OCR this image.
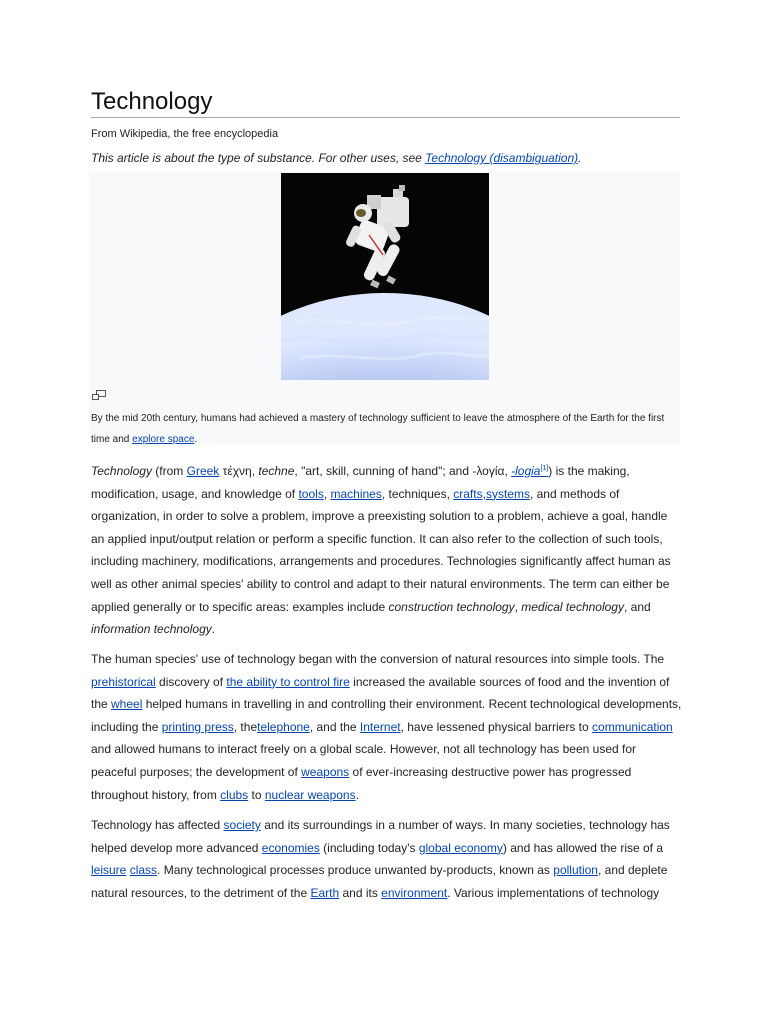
Technology
From Wikipedia, the free encyclopedia
This article is about the type of substance. For other uses, see Technology (disambiguation).
By the mid 20th century, humans had achieved a mastery of technology sufficient to leave the atmosphere of the Earth for the first time and explore space.

Technology (from Greek τέχνη, techne, "art, skill, cunning of hand"; and -λογία, -logia[1]) is the making, modification, usage, and knowledge of tools, machines, techniques, crafts,systems, and methods of organization, in order to solve a problem, improve a preexisting solution to a problem, achieve a goal, handle an applied input/output relation or perform a specific function. It can also refer to the collection of such tools, including machinery, modifications, arrangements and procedures. Technologies significantly affect human as well as other animal species' ability to control and adapt to their natural environments. The term can either be applied generally or to specific areas: examples include construction technology, medical technology, and information technology.

The human species' use of technology began with the conversion of natural resources into simple tools. The prehistorical discovery of the ability to control fire increased the available sources of food and the invention of the wheel helped humans in travelling in and controlling their environment. Recent technological developments, including the printing press, thetelephone, and the Internet, have lessened physical barriers to communication and allowed humans to interact freely on a global scale. However, not all technology has been used for peaceful purposes; the development of weapons of ever-increasing destructive power has progressed throughout history, from clubs to nuclear weapons.

Technology has affected society and its surroundings in a number of ways. In many societies, technology has helped develop more advanced economies (including today's global economy) and has allowed the rise of a leisure class. Many technological processes produce unwanted by-products, known as pollution, and deplete natural resources, to the detriment of the Earth and its environment. Various implementations of technology
